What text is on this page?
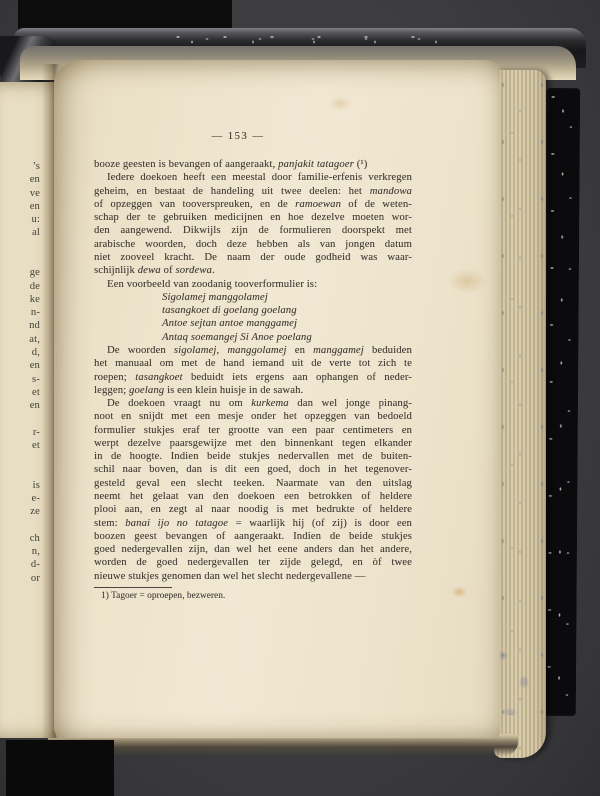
’s
en
ve
en
u:
al

ge
de
ke
n-
nd
at,
d,
en
s-
et
en

r-
et

is
e-
ze

ch
n,
d-
or
— 153 —
booze geesten is bevangen of aangeraakt, panjakit tatagoer (¹)
Iedere doekoen heeft een meestal door familie-erfenis verkregen
geheim, en bestaat de handeling uit twee deelen: het mandowa
of opzeggen van tooverspreuken, en de ramoewan of de weten-
schap der te gebruiken medicijnen en hoe dezelve moeten wor-
den aangewend. Dikwijls zijn de formulieren doorspekt met
arabische woorden, doch deze hebben als van jongen datum
niet zooveel kracht. De naam der oude godheid was waar-
schijnlijk dewa of sordewa.
Een voorbeeld van zoodanig tooverformulier is:
Sigolamej manggolamej
tasangkoet di goelang goelang
Antoe sejtan antoe manggamej
Antaq soemangej Si Anoe poelang
De woorden sigolamej, manggolamej en manggamej beduiden
het manuaal om met de hand iemand uit de verte tot zich te
roepen; tasangkoet beduidt iets ergens aan ophangen of neder-
leggen; goelang is een klein huisje in de sawah.
De doekoen vraagt nu om kurkema dan wel jonge pinang-
noot en snijdt met een mesje onder het opzeggen van bedoeld
formulier stukjes eraf ter grootte van een paar centimeters en
werpt dezelve paarsgewijze met den binnenkant tegen elkander
in de hoogte. Indien beide stukjes nedervallen met de buiten-
schil naar boven, dan is dit een goed, doch in het tegenover-
gesteld geval een slecht teeken. Naarmate van den uitslag
neemt het gelaat van den doekoen een betrokken of heldere
plooi aan, en zegt al naar noodig is met bedrukte of heldere
stem: banai ijo no tatagoe = waarlijk hij (of zij) is door een
boozen geest bevangen of aangeraakt. Indien de beide stukjes
goed nedergevallen zijn, dan wel het eene anders dan het andere,
worden de goed nedergevallen ter zijde gelegd, en òf twee
nieuwe stukjes genomen dan wel het slecht nedergevallene —
1) Tagoer = oproepen, bezweren.
